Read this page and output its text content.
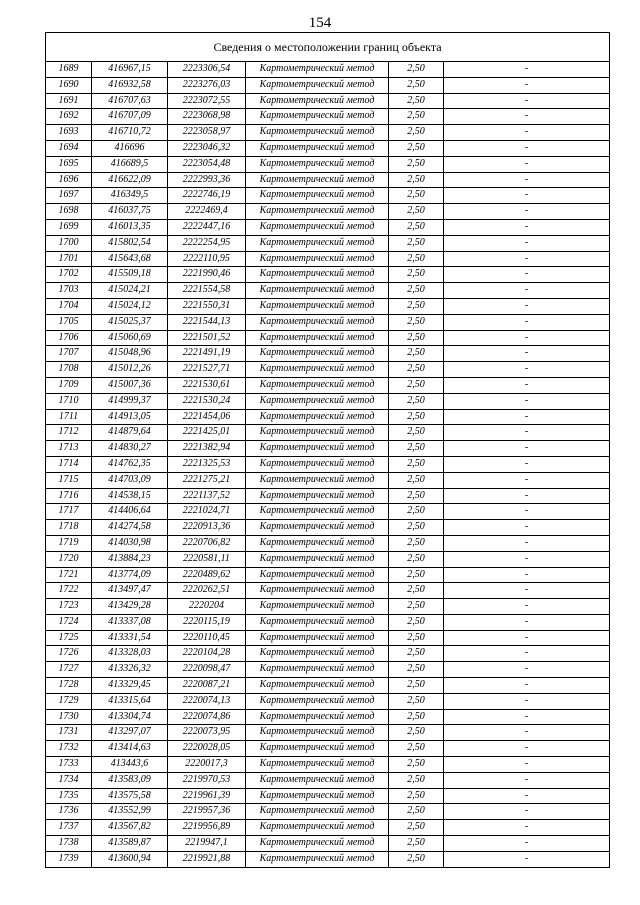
154
Сведения о местоположении границ объекта					
1689	416967,15	2223306,54	Картометрический метод	2,50	-
1690	416932,58	2223276,03	Картометрический метод	2,50	-
1691	416707,63	2223072,55	Картометрический метод	2,50	-
1692	416707,09	2223068,98	Картометрический метод	2,50	-
1693	416710,72	2223058,97	Картометрический метод	2,50	-
1694	416696	2223046,32	Картометрический метод	2,50	-
1695	416689,5	2223054,48	Картометрический метод	2,50	-
1696	416622,09	2222993,36	Картометрический метод	2,50	-
1697	416349,5	2222746,19	Картометрический метод	2,50	-
1698	416037,75	2222469,4	Картометрический метод	2,50	-
1699	416013,35	2222447,16	Картометрический метод	2,50	-
1700	415802,54	2222254,95	Картометрический метод	2,50	-
1701	415643,68	2222110,95	Картометрический метод	2,50	-
1702	415509,18	2221990,46	Картометрический метод	2,50	-
1703	415024,21	2221554,58	Картометрический метод	2,50	-
1704	415024,12	2221550,31	Картометрический метод	2,50	-
1705	415025,37	2221544,13	Картометрический метод	2,50	-
1706	415060,69	2221501,52	Картометрический метод	2,50	-
1707	415048,96	2221491,19	Картометрический метод	2,50	-
1708	415012,26	2221527,71	Картометрический метод	2,50	-
1709	415007,36	2221530,61	Картометрический метод	2,50	-
1710	414999,37	2221530,24	Картометрический метод	2,50	-
1711	414913,05	2221454,06	Картометрический метод	2,50	-
1712	414879,64	2221425,01	Картометрический метод	2,50	-
1713	414830,27	2221382,94	Картометрический метод	2,50	-
1714	414762,35	2221325,53	Картометрический метод	2,50	-
1715	414703,09	2221275,21	Картометрический метод	2,50	-
1716	414538,15	2221137,52	Картометрический метод	2,50	-
1717	414406,64	2221024,71	Картометрический метод	2,50	-
1718	414274,58	2220913,36	Картометрический метод	2,50	-
1719	414030,98	2220706,82	Картометрический метод	2,50	-
1720	413884,23	2220581,11	Картометрический метод	2,50	-
1721	413774,09	2220489,62	Картометрический метод	2,50	-
1722	413497,47	2220262,51	Картометрический метод	2,50	-
1723	413429,28	2220204	Картометрический метод	2,50	-
1724	413337,08	2220115,19	Картометрический метод	2,50	-
1725	413331,54	2220110,45	Картометрический метод	2,50	-
1726	413328,03	2220104,28	Картометрический метод	2,50	-
1727	413326,32	2220098,47	Картометрический метод	2,50	-
1728	413329,45	2220087,21	Картометрический метод	2,50	-
1729	413315,64	2220074,13	Картометрический метод	2,50	-
1730	413304,74	2220074,86	Картометрический метод	2,50	-
1731	413297,07	2220073,95	Картометрический метод	2,50	-
1732	413414,63	2220028,05	Картометрический метод	2,50	-
1733	413443,6	2220017,3	Картометрический метод	2,50	-
1734	413583,09	2219970,53	Картометрический метод	2,50	-
1735	413575,58	2219961,39	Картометрический метод	2,50	-
1736	413552,99	2219957,36	Картометрический метод	2,50	-
1737	413567,82	2219956,89	Картометрический метод	2,50	-
1738	413589,87	2219947,1	Картометрический метод	2,50	-
1739	413600,94	2219921,88	Картометрический метод	2,50	-
